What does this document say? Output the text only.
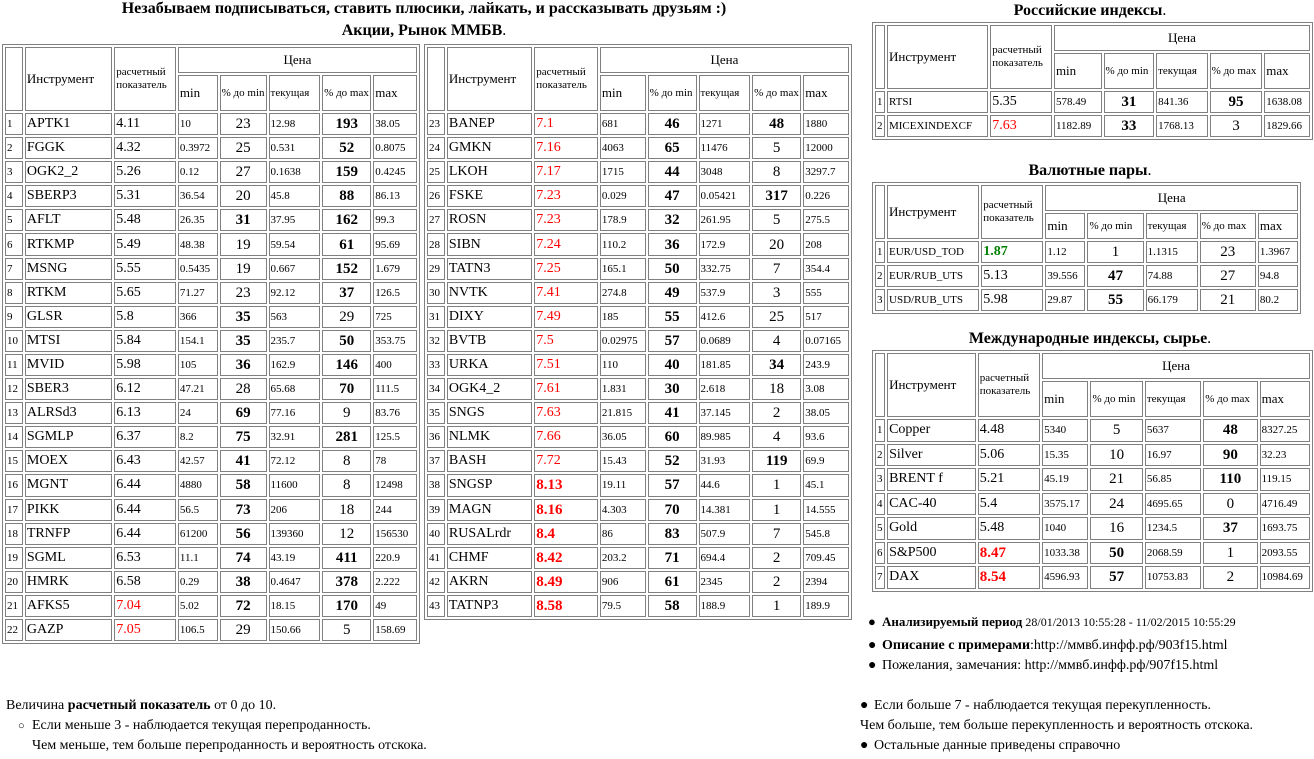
Незабываем подписываться, ставить плюсики, лайкать, и рассказывать друзьям :)
Акции, Рынок ММБВ.
	Инструмент	расчетный показатель	Цена				
			min	% до min	текущая	% до max	max
1	APTK1	4.11	10	23	12.98	193	38.05
2	FGGK	4.32	0.3972	25	0.531	52	0.8075
3	OGK2_2	5.26	0.12	27	0.1638	159	0.4245
4	SBERP3	5.31	36.54	20	45.8	88	86.13
5	AFLT	5.48	26.35	31	37.95	162	99.3
6	RTKMP	5.49	48.38	19	59.54	61	95.69
7	MSNG	5.55	0.5435	19	0.667	152	1.679
8	RTKM	5.65	71.27	23	92.12	37	126.5
9	GLSR	5.8	366	35	563	29	725
10	MTSI	5.84	154.1	35	235.7	50	353.75
11	MVID	5.98	105	36	162.9	146	400
12	SBER3	6.12	47.21	28	65.68	70	111.5
13	ALRSd3	6.13	24	69	77.16	9	83.76
14	SGMLP	6.37	8.2	75	32.91	281	125.5
15	MOEX	6.43	42.57	41	72.12	8	78
16	MGNT	6.44	4880	58	11600	8	12498
17	PIKK	6.44	56.5	73	206	18	244
18	TRNFP	6.44	61200	56	139360	12	156530
19	SGML	6.53	11.1	74	43.19	411	220.9
20	HMRK	6.58	0.29	38	0.4647	378	2.222
21	AFKS5	7.04	5.02	72	18.15	170	49
22	GAZP	7.05	106.5	29	150.66	5	158.69
	Инструмент	расчетный показатель	Цена				
			min	% до min	текущая	% до max	max
23	BANEP	7.1	681	46	1271	48	1880
24	GMKN	7.16	4063	65	11476	5	12000
25	LKOH	7.17	1715	44	3048	8	3297.7
26	FSKE	7.23	0.029	47	0.05421	317	0.226
27	ROSN	7.23	178.9	32	261.95	5	275.5
28	SIBN	7.24	110.2	36	172.9	20	208
29	TATN3	7.25	165.1	50	332.75	7	354.4
30	NVTK	7.41	274.8	49	537.9	3	555
31	DIXY	7.49	185	55	412.6	25	517
32	BVTB	7.5	0.02975	57	0.0689	4	0.07165
33	URKA	7.51	110	40	181.85	34	243.9
34	OGK4_2	7.61	1.831	30	2.618	18	3.08
35	SNGS	7.63	21.815	41	37.145	2	38.05
36	NLMK	7.66	36.05	60	89.985	4	93.6
37	BASH	7.72	15.43	52	31.93	119	69.9
38	SNGSP	8.13	19.11	57	44.6	1	45.1
39	MAGN	8.16	4.303	70	14.381	1	14.555
40	RUSALrdr	8.4	86	83	507.9	7	545.8
41	CHMF	8.42	203.2	71	694.4	2	709.45
42	AKRN	8.49	906	61	2345	2	2394
43	TATNP3	8.58	79.5	58	188.9	1	189.9
Российские индексы.
	Инструмент	расчетный показатель	Цена				
			min	% до min	текущая	% до max	max
1	RTSI	5.35	578.49	31	841.36	95	1638.08
2	MICEXINDEXCF	7.63	1182.89	33	1768.13	3	1829.66
Валютные пары.
	Инструмент	расчетный показатель	Цена				
			min	% до min	текущая	% до max	max
1	EUR/USD_TOD	1.87	1.12	1	1.1315	23	1.3967
2	EUR/RUB_UTS	5.13	39.556	47	74.88	27	94.8
3	USD/RUB_UTS	5.98	29.87	55	66.179	21	80.2
Международные индексы, сырье.
	Инструмент	расчетный показатель	Цена				
			min	% до min	текущая	% до max	max
1	Copper	4.48	5340	5	5637	48	8327.25
2	Silver	5.06	15.35	10	16.97	90	32.23
3	BRENT f	5.21	45.19	21	56.85	110	119.15
4	CAC-40	5.4	3575.17	24	4695.65	0	4716.49
5	Gold	5.48	1040	16	1234.5	37	1693.75
6	S&P500	8.47	1033.38	50	2068.59	1	2093.55
7	DAX	8.54	4596.93	57	10753.83	2	10984.69
● Анализируемый период 28/01/2013 10:55:28 - 11/02/2015 10:55:29
● Описание с примерами:http://ммвб.инфф.рф/903f15.html
● Пожелания, замечания: http://ммвб.инфф.рф/907f15.html
Величина расчетный показатель от 0 до 10.
○ Если меньше 3 - наблюдается текущая перепроданность.
Чем меньше, тем больше перепроданность и вероятность отскока.
● Если больше 7 - наблюдается текущая перекупленность.
Чем больше, тем больше перекупленность и вероятность отскока.
● Остальные данные приведены справочно
